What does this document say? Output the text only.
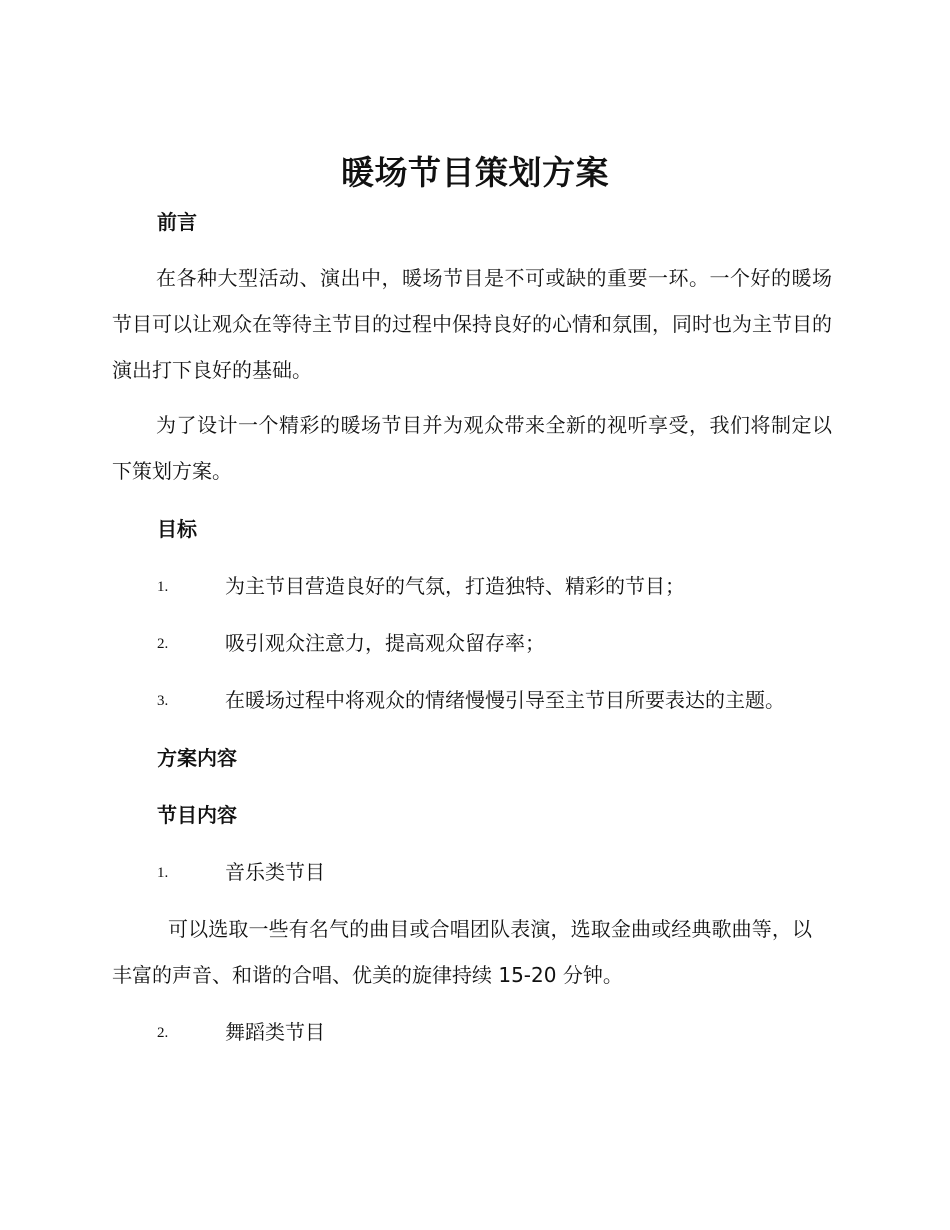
暖场节目策划方案
前言

在各种大型活动、演出中，暖场节目是不可或缺的重要一环。一个好的暖场节目可以让观众在等待主节目的过程中保持良好的心情和氛围，同时也为主节目的演出打下良好的基础。

为了设计一个精彩的暖场节目并为观众带来全新的视听享受，我们将制定以下策划方案。

目标
1.	为主节目营造良好的气氛，打造独特、精彩的节目；
2.	吸引观众注意力，提高观众留存率；
3.	在暖场过程中将观众的情绪慢慢引导至主节目所要表达的主题。
方案内容
节目内容
1.	音乐类节目

可以选取一些有名气的曲目或合唱团队表演，选取金曲或经典歌曲等，以丰富的声音、和谐的合唱、优美的旋律持续 15-20 分钟。

2.	舞蹈类节目
